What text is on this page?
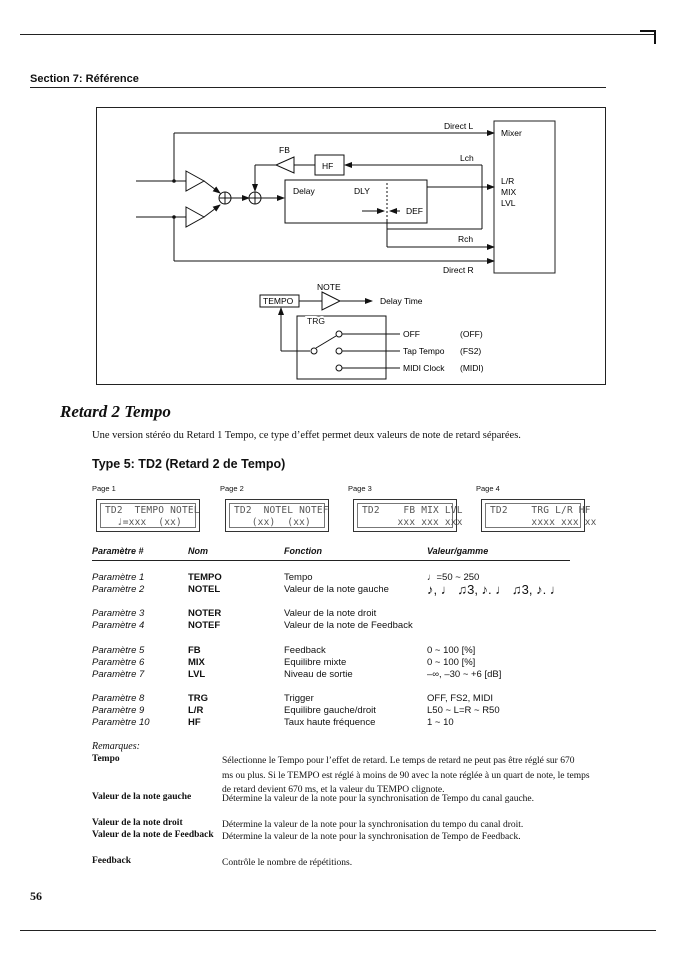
Section 7: Référence
Mixer
L/R
MIX
LVL
Direct L
Direct R
FB
HF
Lch
Delay	DLY
DEF
Rch
NOTE
TEMPO	Delay Time
TRG
OFF	(OFF)
Tap Tempo (FS2)
MIDI Clock (MIDI)
Retard 2 Tempo
Une version stéréo du Retard 1 Tempo, ce type d’effet permet deux valeurs de note de retard séparées.
Type 5: TD2 (Retard 2 de Tempo)
Page 1	Page 2	Page 3	Page 4
TD2  TEMPO NOTEL
♩=xxx  (xx)
TD2  NOTEL NOTEF
(xx)  (xx)
TD2    FB MIX LVL
xxx xxx xxx
TD2    TRG L/R HF
xxxx xxx xx
Paramètre #	Nom	Fonction	Valeur/gamme
Paramètre 1	TEMPO	Tempo	♩=50 ~ 250
Paramètre 2	NOTEL	Valeur de la note gauche	♪, ♩ ♫3, ♪. ♩ ♫3, ♪. ♩
Paramètre 3	NOTER	Valeur de la note droit
Paramètre 4	NOTEF	Valeur de la note de Feedback
Paramètre 5	FB	Feedback	0 ~ 100 [%]
Paramètre 6	MIX	Equilibre mixte	0 ~ 100 [%]
Paramètre 7	LVL	Niveau de sortie	–∞, –30 ~ +6 [dB]
Paramètre 8	TRG	Trigger	OFF, FS2, MIDI
Paramètre 9	L/R	Equilibre gauche/droit	L50 ~ L=R ~ R50
Paramètre 10	HF	Taux haute fréquence	1 ~ 10
Remarques:
Tempo	Sélectionne le Tempo pour l’effet de retard. Le temps de retard ne peut pas être réglé sur 670
ms ou plus. Si le TEMPO est réglé à moins de 90 avec la note réglée à un quart de note, le temps
de retard devient 670 ms, et la valeur du TEMPO clignote.
Valeur de la note gauche	Détermine la valeur de la note pour la synchronisation de Tempo du canal gauche.
Valeur de la note droit	Détermine la valeur de la note pour la synchronisation du tempo du canal droit.
Valeur de la note de Feedback Détermine la valeur de la note pour la synchronisation de Tempo de Feedback.
Feedback	Contrôle le nombre de répétitions.
56
